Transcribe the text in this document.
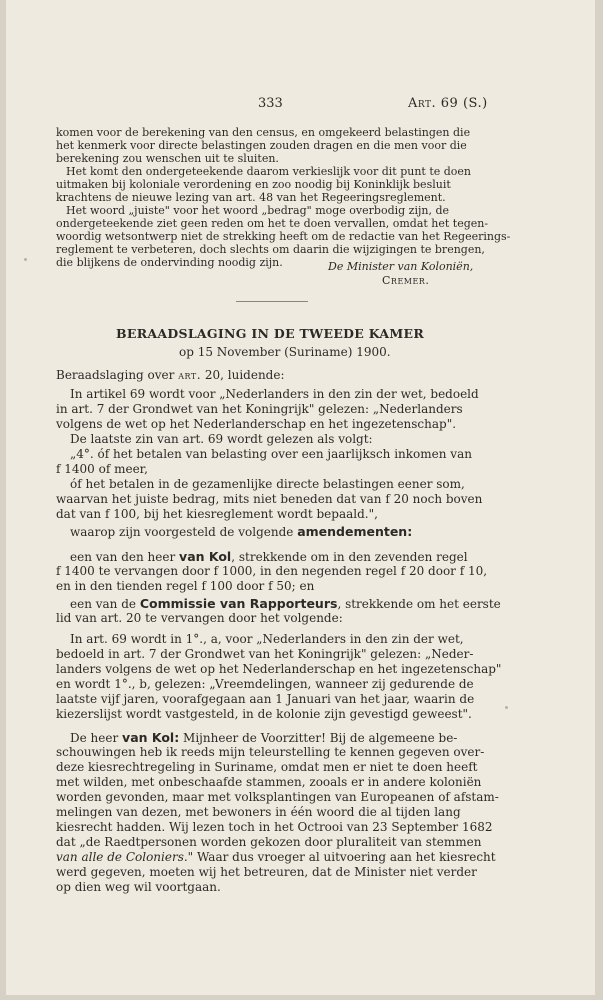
333	Art. 69 (S.)

komen voor de berekening van den census, en omgekeerd belastingen die

het kenmerk voor directe belastingen zouden dragen en die men voor die

berekening zou wenschen uit te sluiten.

Het komt den ondergeteekende daarom verkieslijk voor dit punt te doen

uitmaken bij koloniale verordening en zoo noodig bij Koninklijk besluit

krachtens de nieuwe lezing van art. 48 van het Regeeringsreglement.

Het woord „juiste" voor het woord „bedrag" moge overbodig zijn, de

ondergeteekende ziet geen reden om het te doen vervallen, omdat het tegen-

woordig wetsontwerp niet de strekking heeft om de redactie van het Regeerings-

reglement te verbeteren, doch slechts om daarin die wijzigingen te brengen,

die blijkens de ondervinding noodig zijn.	De Minister van Koloniën,
Cremer.
BERAADSLAGING IN DE TWEEDE KAMER
op 15 November (Suriname) 1900.
Beraadslaging over art. 20, luidende:

In artikel 69 wordt voor „Nederlanders in den zin der wet, bedoeld

in art. 7 der Grondwet van het Koningrijk" gelezen: „Nederlanders

volgens de wet op het Nederlanderschap en het ingezetenschap".

De laatste zin van art. 69 wordt gelezen als volgt:

„4°. óf het betalen van belasting over een jaarlijksch inkomen van

f 1400 of meer,

óf het betalen in de gezamenlijke directe belastingen eener som,

waarvan het juiste bedrag, mits niet beneden dat van f 20 noch boven

dat van f 100, bij het kiesreglement wordt bepaald.",

waarop zijn voorgesteld de volgende amendementen:
een van den heer van Kol, strekkende om in den zevenden regel

f 1400 te vervangen door f 1000, in den negenden regel f 20 door f 10,

en in den tienden regel f 100 door f 50; en

een van de Commissie van Rapporteurs, strekkende om het eerste

lid van art. 20 te vervangen door het volgende:

In art. 69 wordt in 1°., a, voor „Nederlanders in den zin der wet,

bedoeld in art. 7 der Grondwet van het Koningrijk" gelezen: „Neder-

landers volgens de wet op het Nederlanderschap en het ingezetenschap"

en wordt 1°., b, gelezen: „Vreemdelingen, wanneer zij gedurende de

laatste vijf jaren, voorafgegaan aan 1 Januari van het jaar, waarin de

kiezerslijst wordt vastgesteld, in de kolonie zijn gevestigd geweest".

De heer van Kol: Mijnheer de Voorzitter! Bij de algemeene be-

schouwingen heb ik reeds mijn teleurstelling te kennen gegeven over-

deze kiesrechtregeling in Suriname, omdat men er niet te doen heeft

met wilden, met onbeschaafde stammen, zooals er in andere koloniën

worden gevonden, maar met volksplantingen van Europeanen of afstam-

melingen van dezen, met bewoners in één woord die al tijden lang

kiesrecht hadden. Wij lezen toch in het Octrooi van 23 September 1682

dat „de Raedtpersonen worden gekozen door pluraliteit van stemmen

van alle de Coloniers." Waar dus vroeger al uitvoering aan het kiesrecht

werd gegeven, moeten wij het betreuren, dat de Minister niet verder

op dien weg wil voortgaan.
